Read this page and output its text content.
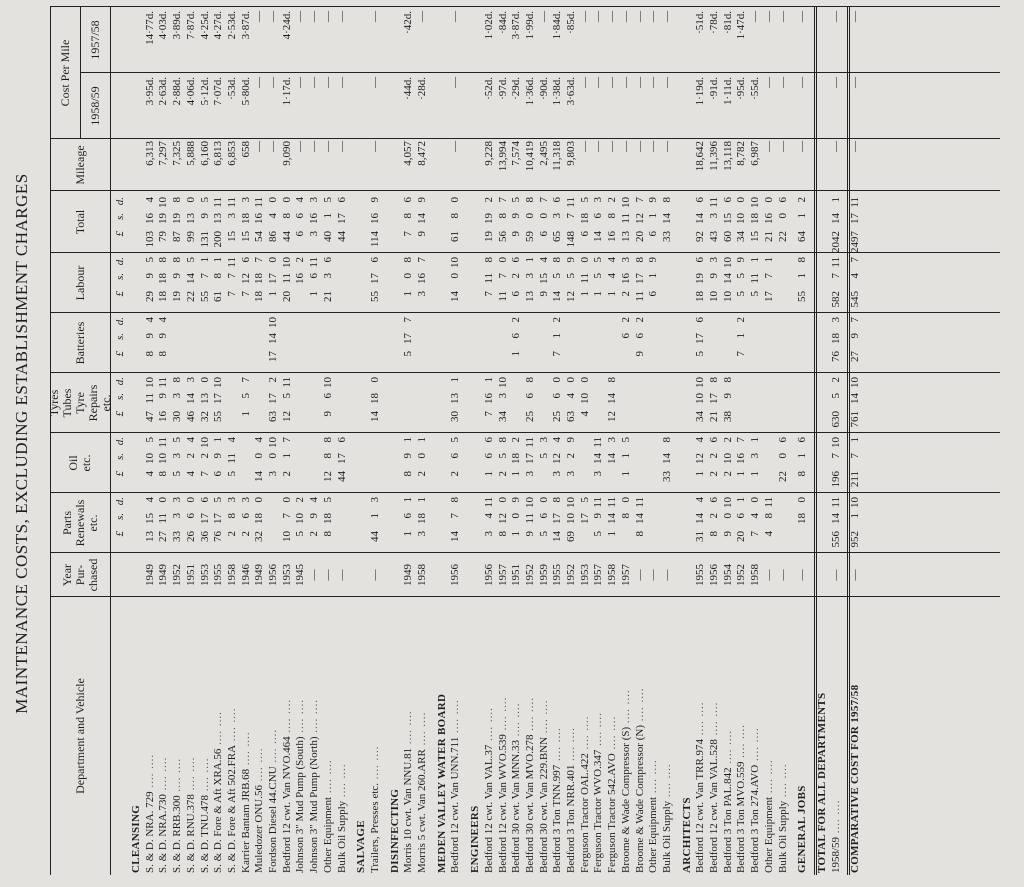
MAINTENANCE COSTS, EXCLUDING ESTABLISHMENT CHARGES
Department and Vehicle
Year Pur- chased
Parts Renewals etc.
Oil etc.
Tyres Tubes Tyre Repairs etc.
Batteries
Labour
Total
Mileage
Cost Per Mile 1958/59
1957/58
£
s.
d.
£
s.
d.
£
s.
d.
£
s.
d.
£
s.
d.
£
s.
d.
CLEANSING S. & D. NRA. 729 ....
1949
13
15
4
4
10
5
47
11
10
8
9
4
29
9
5
103
16
4
6,313
3·95d.
14·77d.
S. & D. NRA.730 ....
1949
27
11
0
8
10
11
16
9
11
8
9
4
18
18
8
79
19
10
7,297
2·63d.
4·03d.
S. & D. RRB.300 ....
1952
33
3
3
5
3
5
30
3
8
19
9
8
87
19
8
7,325
2·88d.
3·89d.
S. & D. RNU.378 ....
1951
26
6
0
4
2
4
46
14
3
22
14
5
99
13
0
5,888
4·06d.
7·87d.
S. & D. TNU.478 ....
1953
36
17
6
7
2
10
32
13
0
55
7
1
131
9
5
6,160
5·12d.
4·25d.
S. & D. Fore & Aft XRA.56 ....
1955
76
17
5
6
9
1
55
17
10
61
8
1
200
13
11
6,813
7·07d.
4·27d.
S. & D. Fore & Aft 502.FRA ....
1958
2
8
3
5
11
4
7
7
11
15
3
11
6,853
·53d.
2·53d.
Karrier Bantam JRB.68 ....
1946
2
6
3
1
5
7
7
12
6
15
18
3
658
5·80d.
3·87d.
Muledozer ONU.56 ....
1949
32
18
0
14
0
4
18
18
7
54
16
11
—
—
—
Fordson Diesel 44.CNU ....
1956
3
0
10
63
17
2
17
14
10
1
17
0
86
4
0
—
—
—
Bedford 12 cwt. Van NVO.464 ....
1953
10
7
0
2
1
7
12
5
11
20
11
10
44
8
0
9,090
1·17d.
4·24d.
Johnson 3" Mud Pump (South) ....
1945
5
10
2
16
2
6
6
4
—
—
—
Johnson 3" Mud Pump (North) ....
—
2
9
4
1
6
11
3
16
3
—
—
—
Other Equipment ....
—
8
18
5
12
8
8
9
6
10
21
3
6
40
1
5
—
—
—
Bulk Oil Supply ....
—
44
17
6
44
17
6
—
—
—
SALVAGE Trailers, Presses etc. ....
—
44
1
3
14
18
0
55
17
6
114
16
9
—
—
—
DISINFECTING Morris 10 cwt. Van NNU.81 ....
1949
1
6
1
8
9
1
5
17
7
1
0
8
7
8
6
4,057
·44d.
·42d.
Morris 5 cwt. Van 260.ARR ....
1958
3
18
1
2
0
1
3
16
7
9
14
9
8,472
·28d.
—
MEDEN VALLEY WATER BOARD Bedford 12 cwt. Van UNN.711 ....
1956
14
7
8
2
6
5
30
13
1
14
0
10
61
8
0
—
—
—
ENGINEERS Bedford 12 cwt. Van VAL.37 ....
1956
3
4
11
1
6
6
7
16
1
7
11
8
19
19
2
9,228
·52d.
1·02d.
Bedford 12 cwt. Van WVO.539 ....
1957
8
12
0
2
5
8
34
3
10
11
7
0
56
8
7
13,994
·97d.
·84d.
Bedford 30 cwt. Van MNN.33 ....
1951
1
0
9
1
18
2
1
6
2
6
2
6
9
9
5
7,574
·29d.
3·87d.
Bedford 30 cwt. Van MVO.278 ....
1952
9
11
10
3
17
11
25
6
8
13
3
1
59
0
8
10,419
1·36d.
1·99d.
Bedford 30 cwt. Van 229.BNN ....
1959
5
6
0
5
3
9
15
4
6
0
7
2,495
·90d.
—
Bedford 3 Ton TNN.997 ....
1955
14
17
8
3
12
4
25
6
0
7
1
2
14
5
8
65
3
6
11,318
1·38d.
1·84d.
Bedford 3 Ton NRR.401 ....
1952
69
10
10
3
2
9
63
4
0
12
5
9
148
7
11
9,803
3·63d.
·85d.
Ferguson Tractor OAL.422 ....
1953
17
5
4
10
0
1
11
0
6
18
5
—
—
—
Ferguson Tractor WVO.347 ....
1957
5
9
11
3
14
11
1
5
5
14
6
3
—
—
—
Ferguson Tractor 542.AVO ....
1958
1
14
11
14
3
12
14
8
1
4
4
16
8
2
—
—
—
Broome & Wade Compressor (S) ....
1957
8
0
1
1
5
6
2
2
16
3
13
11
10
—
—
—
Broome & Wade Compressor (N) ....
—
8
14
11
9
6
2
11
17
8
20
12
7
—
—
—
Other Equipment ....
—
6
1
9
6
1
9
—
—
—
Bulk Oil Supply ....
—
33
14
8
33
14
8
—
—
—
ARCHITECTS Bedford 12 cwt. Van TRR.974 ....
1955
31
14
4
1
12
4
34
10
10
5
17
6
18
19
6
92
14
6
18,642
1·19d.
·51d.
Bedford 12 cwt. Van VAL.528 ....
1956
8
2
6
2
2
6
21
17
8
10
9
3
43
3
11
11,396
·91d.
·78d.
Bedford 3 Ton PAL.842 ....
1954
9
0
10
2
10
2
38
9
8
10
14
10
60
15
6
13,118
1·11d.
·81d.
Bedford 3 Ton MVO.559 ....
1952
20
6
1
1
16
7
7
1
2
5
5
9
34
10
0
8,782
·95d.
1·47d.
Bedford 3 Ton 274.AVO ....
1958
7
4
0
1
3
1
5
11
1
15
18
10
6,987
·55d.
—
Other Equipment ....
—
4
8
11
17
7
1
21
16
0
—
—
—
Bulk Oil Supply ....
—
22
0
6
22
0
6
—
—
—
GENERAL JOBS
—
18
0
8
1
6
55
1
8
64
1
2
—
—
—
TOTAL FOR ALL DEPARTMENTS 1958/59 ....
—
556
14
11
196
7
10
630
5
2
76
18
3
582
7
11
2042
14
1
—
—
—
COMPARATIVE COST FOR 1957/58
—
952
1
10
211
7
1
761
14
10
27
9
7
545
4
7
2497
17
11
—
—
—
